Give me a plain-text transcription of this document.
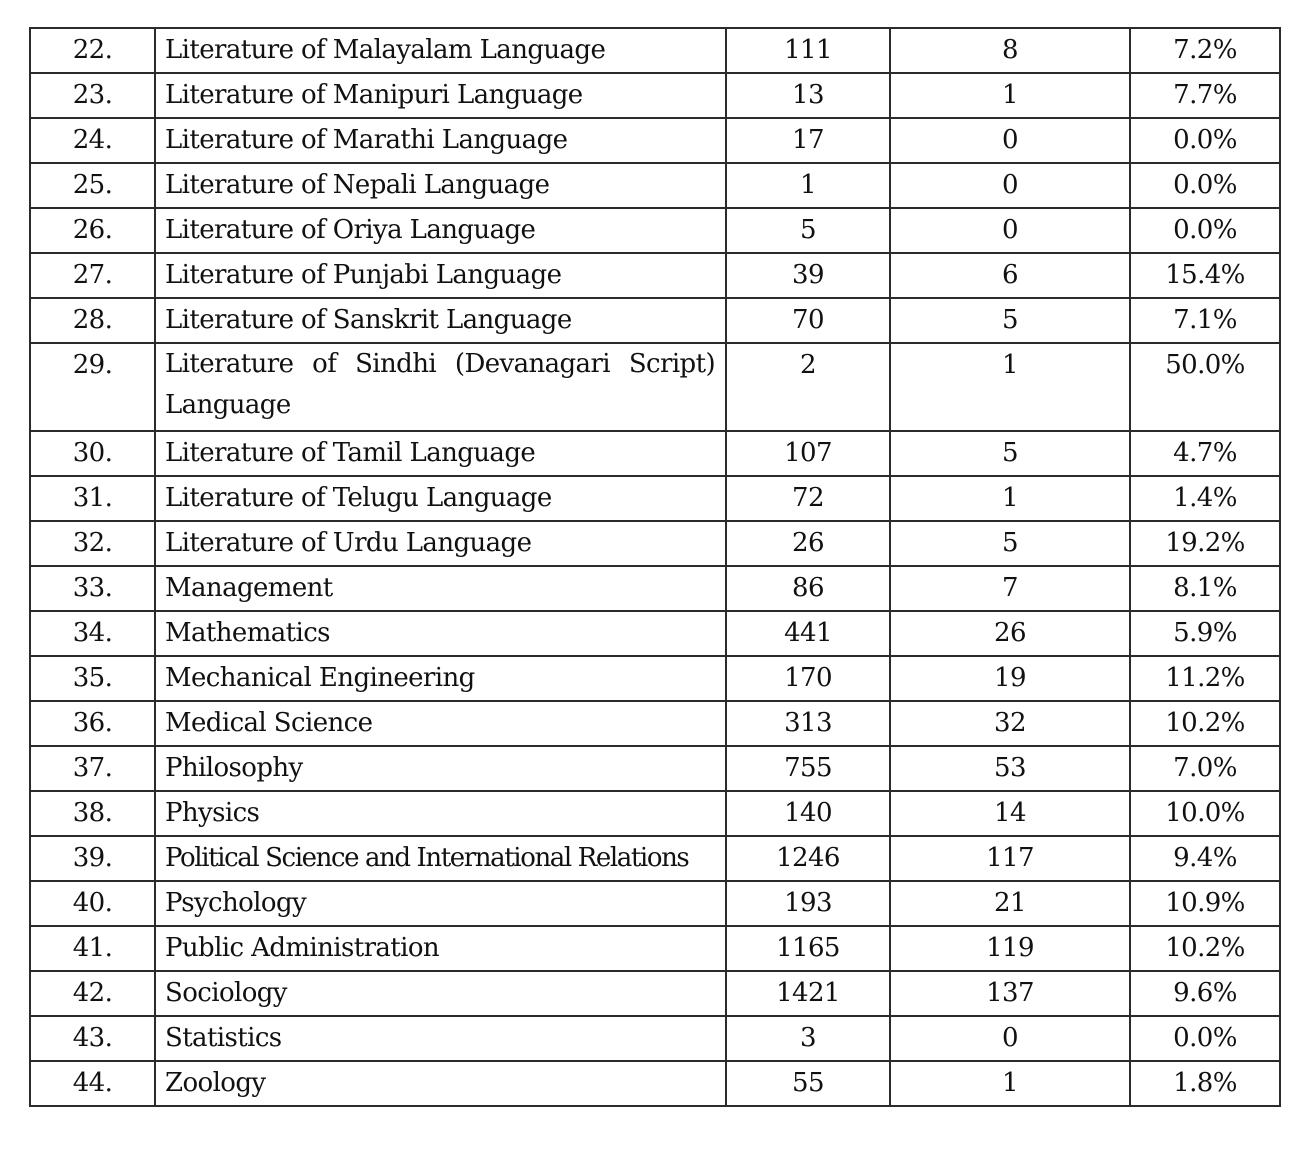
22.	Literature of Malayalam Language	111	8	7.2%
23.	Literature of Manipuri Language	13	1	7.7%
24.	Literature of Marathi Language	17	0	0.0%
25.	Literature of Nepali Language	1	0	0.0%
26.	Literature of Oriya Language	5	0	0.0%
27.	Literature of Punjabi Language	39	6	15.4%
28.	Literature of Sanskrit Language	70	5	7.1%
29.	Literature of Sindhi (Devanagari Script) Language	2	1	50.0%
30.	Literature of Tamil Language	107	5	4.7%
31.	Literature of Telugu Language	72	1	1.4%
32.	Literature of Urdu Language	26	5	19.2%
33.	Management	86	7	8.1%
34.	Mathematics	441	26	5.9%
35.	Mechanical Engineering	170	19	11.2%
36.	Medical Science	313	32	10.2%
37.	Philosophy	755	53	7.0%
38.	Physics	140	14	10.0%
39.	Political Science and International Relations	1246	117	9.4%
40.	Psychology	193	21	10.9%
41.	Public Administration	1165	119	10.2%
42.	Sociology	1421	137	9.6%
43.	Statistics	3	0	0.0%
44.	Zoology	55	1	1.8%
